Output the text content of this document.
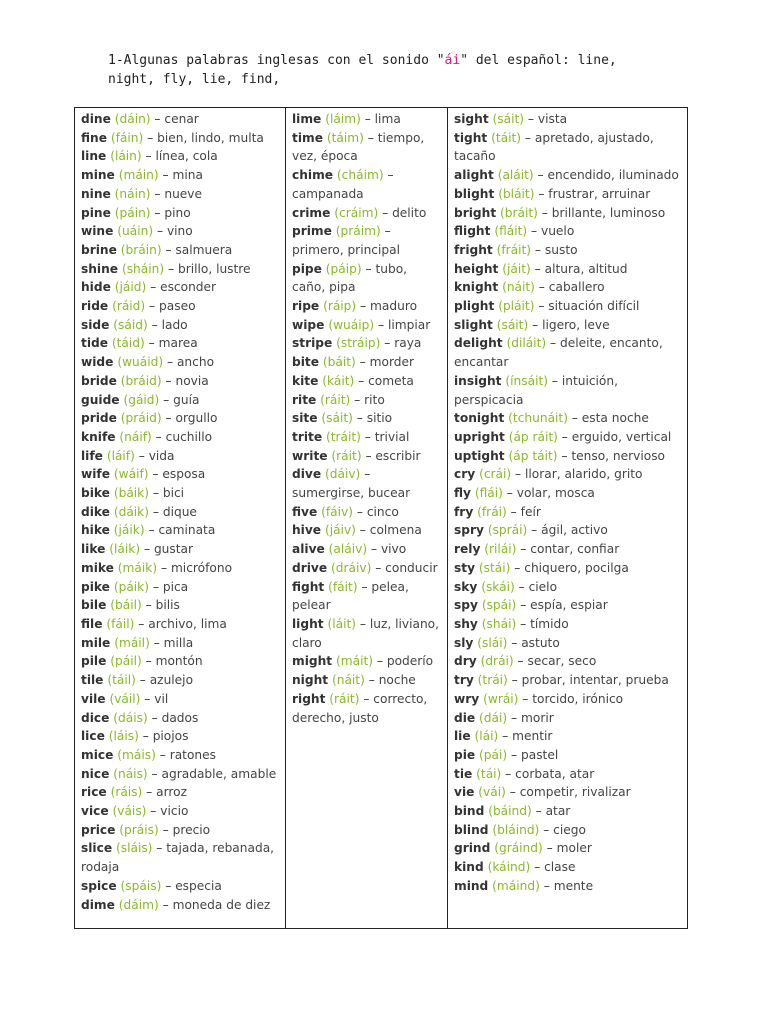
1-Algunas palabras inglesas con el sonido "ái" del español: line, night, fly, lie, find,
dine (dáin) – cenar
fine (fáin) – bien, lindo, multa
line (láin) – línea, cola
mine (máin) – mina
nine (náin) – nueve
pine (páin) – pino
wine (uáin) – vino
brine (bráin) – salmuera
shine (sháin) – brillo, lustre
hide (jáid) – esconder
ride (ráid) – paseo
side (sáid) – lado
tide (táid) – marea
wide (wuáid) – ancho
bride (bráid) – novia
guide (gáid) – guía
pride (práid) – orgullo
knife (náif) – cuchillo
life (láif) – vida
wife (wáif) – esposa
bike (báik) – bici
dike (dáik) – dique
hike (jáik) – caminata
like (láik) – gustar
mike (máik) – micrófono
pike (páik) – pica
bile (báil) – bilis
file (fáil) – archivo, lima
mile (máil) – milla
pile (páil) – montón
tile (táil) – azulejo
vile (váil) – vil
dice (dáis) – dados
lice (láis) – piojos
mice (máis) – ratones
nice (náis) – agradable, amable
rice (ráis) – arroz
vice (váis) – vicio
price (práis) – precio
slice (sláis) – tajada, rebanada, rodaja
spice (spáis) – especia
dime (dáim) – moneda de diez
lime (láim) – lima
time (táim) – tiempo, vez, época
chime (cháim) – campanada
crime (cráim) – delito
prime (práim) – primero, principal
pipe (páip) – tubo, caño, pipa
ripe (ráip) – maduro
wipe (wuáip) – limpiar
stripe (stráip) – raya
bite (báit) – morder
kite (káit) – cometa
rite (ráit) – rito
site (sáit) – sitio
trite (tráit) – trivial
write (ráit) – escribir
dive (dáiv) – sumergirse, bucear
five (fáiv) – cinco
hive (jáiv) – colmena
alive (aláiv) – vivo
drive (dráiv) – conducir
fight (fáit) – pelea, pelear
light (láit) – luz, liviano, claro
might (máit) – poderío
night (náit) – noche
right (ráit) – correcto, derecho, justo
sight (sáit) – vista
tight (táit) – apretado, ajustado, tacaño
alight (aláit) – encendido, iluminado
blight (bláit) – frustrar, arruinar
bright (bráit) – brillante, luminoso
flight (fláit) – vuelo
fright (fráit) – susto
height (jáit) – altura, altitud
knight (náit) – caballero
plight (pláit) – situación difícil
slight (sáit) – ligero, leve
delight (diláit) – deleite, encanto, encantar
insight (ínsáit) – intuición, perspicacia
tonight (tchunáit) – esta noche
upright (áp ráit) – erguido, vertical
uptight (áp táit) – tenso, nervioso
cry (crái) – llorar, alarido, grito
fly (flái) – volar, mosca
fry (frái) – feír
spry (sprái) – ágil, activo
rely (rilái) – contar, confiar
sty (stái) – chiquero, pocilga
sky (skái) – cielo
spy (spái) – espía, espiar
shy (shái) – tímido
sly (slái) – astuto
dry (drái) – secar, seco
try (trái) – probar, intentar, prueba
wry (wrái) – torcido, irónico
die (dái) – morir
lie (lái) – mentir
pie (pái) – pastel
tie (tái) – corbata, atar
vie (vái) – competir, rivalizar
bind (báind) – atar
blind (bláind) – ciego
grind (gráind) – moler
kind (káind) – clase
mind (máind) – mente
